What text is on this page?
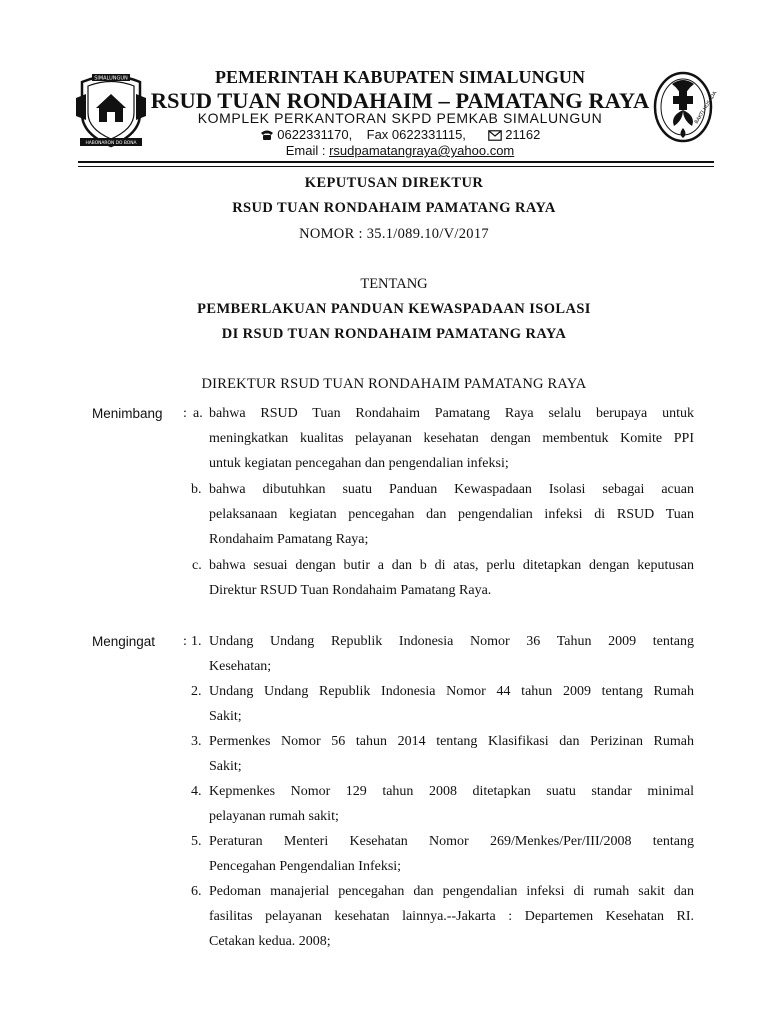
SIMALUNGUN
HABONARON DO BONA
BAKTI HUSADA
PEMERINTAH KABUPATEN SIMALUNGUN
RSUD TUAN RONDAHAIM – PAMATANG RAYA
KOMPLEK PERKANTORAN SKPD PEMKAB SIMALUNGUN
0622331170, Fax 0622331115,	21162
Email : rsudpamatangraya@yahoo.com
KEPUTUSAN DIREKTUR
RSUD TUAN RONDAHAIM PAMATANG RAYA
NOMOR : 35.1/089.10/V/2017
TENTANG
PEMBERLAKUAN PANDUAN KEWASPADAAN ISOLASI
DI RSUD TUAN RONDAHAIM PAMATANG RAYA
DIREKTUR RSUD TUAN RONDAHAIM PAMATANG RAYA
Menimbang : a. bahwa RSUD Tuan Rondahaim Pamatang Raya selalu berupaya untuk
meningkatkan kualitas pelayanan kesehatan dengan membentuk Komite PPI
untuk kegiatan pencegahan dan pengendalian infeksi;
b. bahwa dibutuhkan suatu Panduan Kewaspadaan Isolasi sebagai acuan
pelaksanaan kegiatan pencegahan dan pengendalian infeksi di RSUD Tuan
Rondahaim Pamatang Raya;
c. bahwa sesuai dengan butir a dan b di atas, perlu ditetapkan dengan keputusan
Direktur RSUD Tuan Rondahaim Pamatang Raya.
Mengingat : 1. Undang Undang Republik Indonesia Nomor 36 Tahun 2009 tentang
Kesehatan;
2. Undang Undang Republik Indonesia Nomor 44 tahun 2009 tentang Rumah
Sakit;
3. Permenkes Nomor 56 tahun 2014 tentang Klasifikasi dan Perizinan Rumah
Sakit;
4. Kepmenkes Nomor 129 tahun 2008 ditetapkan suatu standar minimal
pelayanan rumah sakit;
5. Peraturan Menteri Kesehatan Nomor 269/Menkes/Per/III/2008 tentang
Pencegahan Pengendalian Infeksi;
6. Pedoman manajerial pencegahan dan pengendalian infeksi di rumah sakit dan
fasilitas pelayanan kesehatan lainnya.--Jakarta : Departemen Kesehatan RI.
Cetakan kedua. 2008;
